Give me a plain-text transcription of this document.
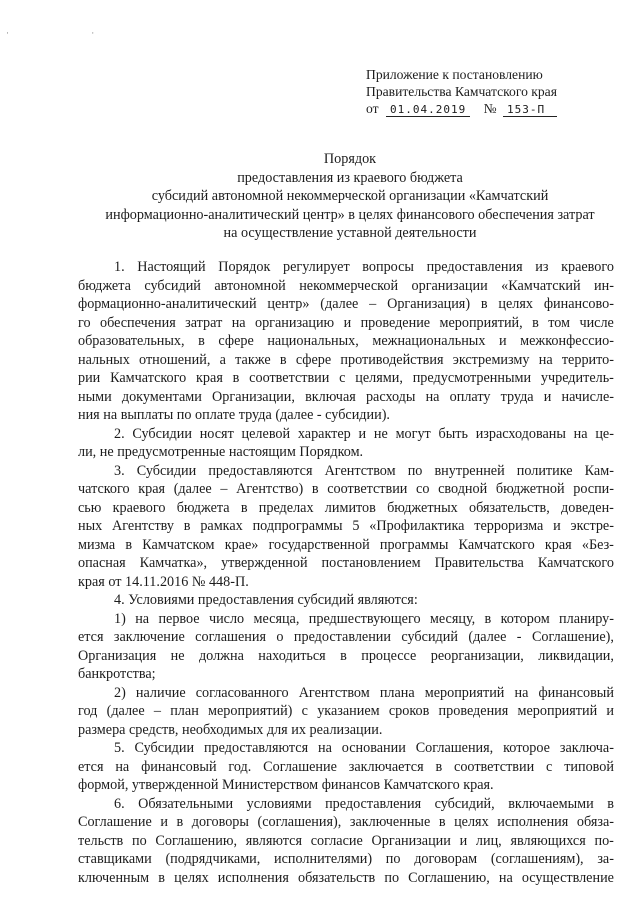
· ·
Приложение к постановлению
Правительства Камчатского края
от 01.04.2019 № 153-П
Порядок
предоставления из краевого бюджета
субсидий автономной некоммерческой организации «Камчатский
информационно-аналитический центр» в целях финансового обеспечения затрат
на осуществление уставной деятельности
1. Настоящий Порядок регулирует вопросы предоставления из краевого
бюджета субсидий автономной некоммерческой организации «Камчатский ин-
формационно-аналитический центр» (далее – Организация) в целях финансово-
го обеспечения затрат на организацию и проведение мероприятий, в том числе
образовательных, в сфере национальных, межнациональных и межконфессио-
нальных отношений, а также в сфере противодействия экстремизму на террито-
рии Камчатского края в соответствии с целями, предусмотренными учредитель-
ными документами Организации, включая расходы на оплату труда и начисле-
ния на выплаты по оплате труда (далее - субсидии).
2. Субсидии носят целевой характер и не могут быть израсходованы на це-
ли, не предусмотренные настоящим Порядком.
3. Субсидии предоставляются Агентством по внутренней политике Кам-
чатского края (далее – Агентство) в соответствии со сводной бюджетной роспи-
сью краевого бюджета в пределах лимитов бюджетных обязательств, доведен-
ных Агентству в рамках подпрограммы 5 «Профилактика терроризма и экстре-
мизма в Камчатском крае» государственной программы Камчатского края «Без-
опасная Камчатка», утвержденной постановлением Правительства Камчатского
края от 14.11.2016 № 448-П.
4. Условиями предоставления субсидий являются:
1) на первое число месяца, предшествующего месяцу, в котором планиру-
ется заключение соглашения о предоставлении субсидий (далее - Соглашение),
Организация не должна находиться в процессе реорганизации, ликвидации,
банкротства;
2) наличие согласованного Агентством плана мероприятий на финансовый
год (далее – план мероприятий) с указанием сроков проведения мероприятий и
размера средств, необходимых для их реализации.
5. Субсидии предоставляются на основании Соглашения, которое заключа-
ется на финансовый год. Соглашение заключается в соответствии с типовой
формой, утвержденной Министерством финансов Камчатского края.
6. Обязательными условиями предоставления субсидий, включаемыми в
Соглашение и в договоры (соглашения), заключенные в целях исполнения обяза-
тельств по Соглашению, являются согласие Организации и лиц, являющихся по-
ставщиками (подрядчиками, исполнителями) по договорам (соглашениям), за-
ключенным в целях исполнения обязательств по Соглашению, на осуществление
